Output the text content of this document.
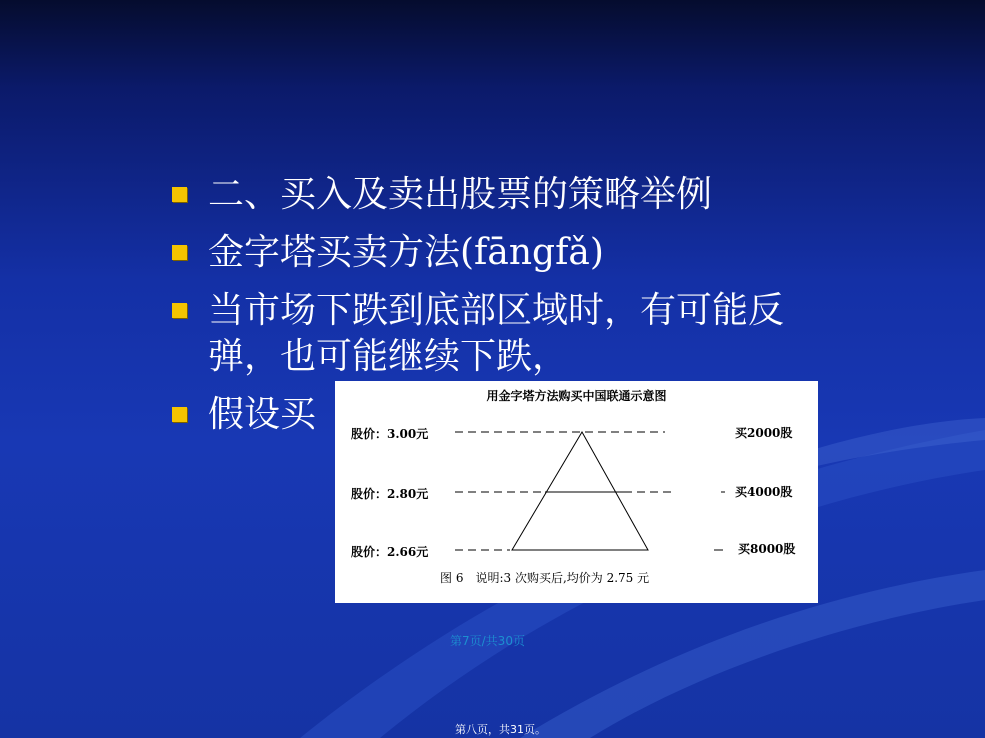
二、买入及卖出股票的策略举例
金字塔买卖方法(fāngfǎ)
当市场下跌到底部区域时，有可能反弹，也可能继续下跌，
假设买	用金字塔方法购买中国联通示意图
股价：3.00元
股价：2.80元
股价：2.66元
买2000股
买4000股
买8000股
图 6　说明:3 次购买后,均价为 2.75 元
第7页/共30页
第八页，共31页。
